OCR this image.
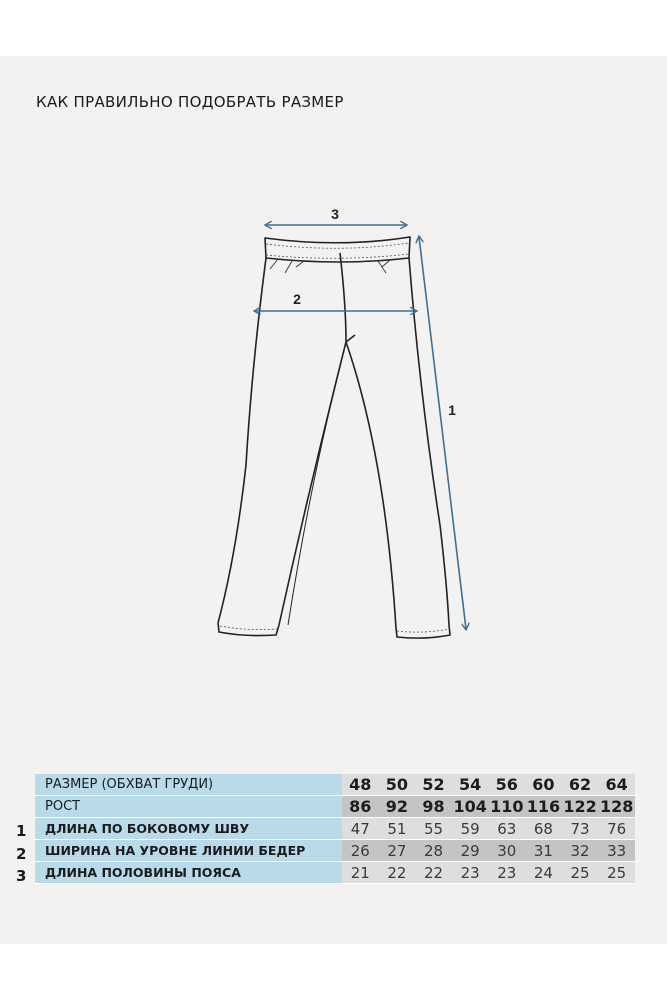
КАК ПРАВИЛЬНО ПОДОБРАТЬ РАЗМЕР
3
2
1
РАЗМЕР (ОБХВАТ ГРУДИ)	48	50	52	54	56	60	62	64
РОСТ	86	92	98	104	110	116	122	128
ДЛИНА ПО БОКОВОМУ ШВУ	47	51	55	59	63	68	73	76
ШИРИНА НА УРОВНЕ ЛИНИИ БЕДЕР	26	27	28	29	30	31	32	33
ДЛИНА ПОЛОВИНЫ ПОЯСА	21	22	22	23	23	24	25	25
1
2
3
